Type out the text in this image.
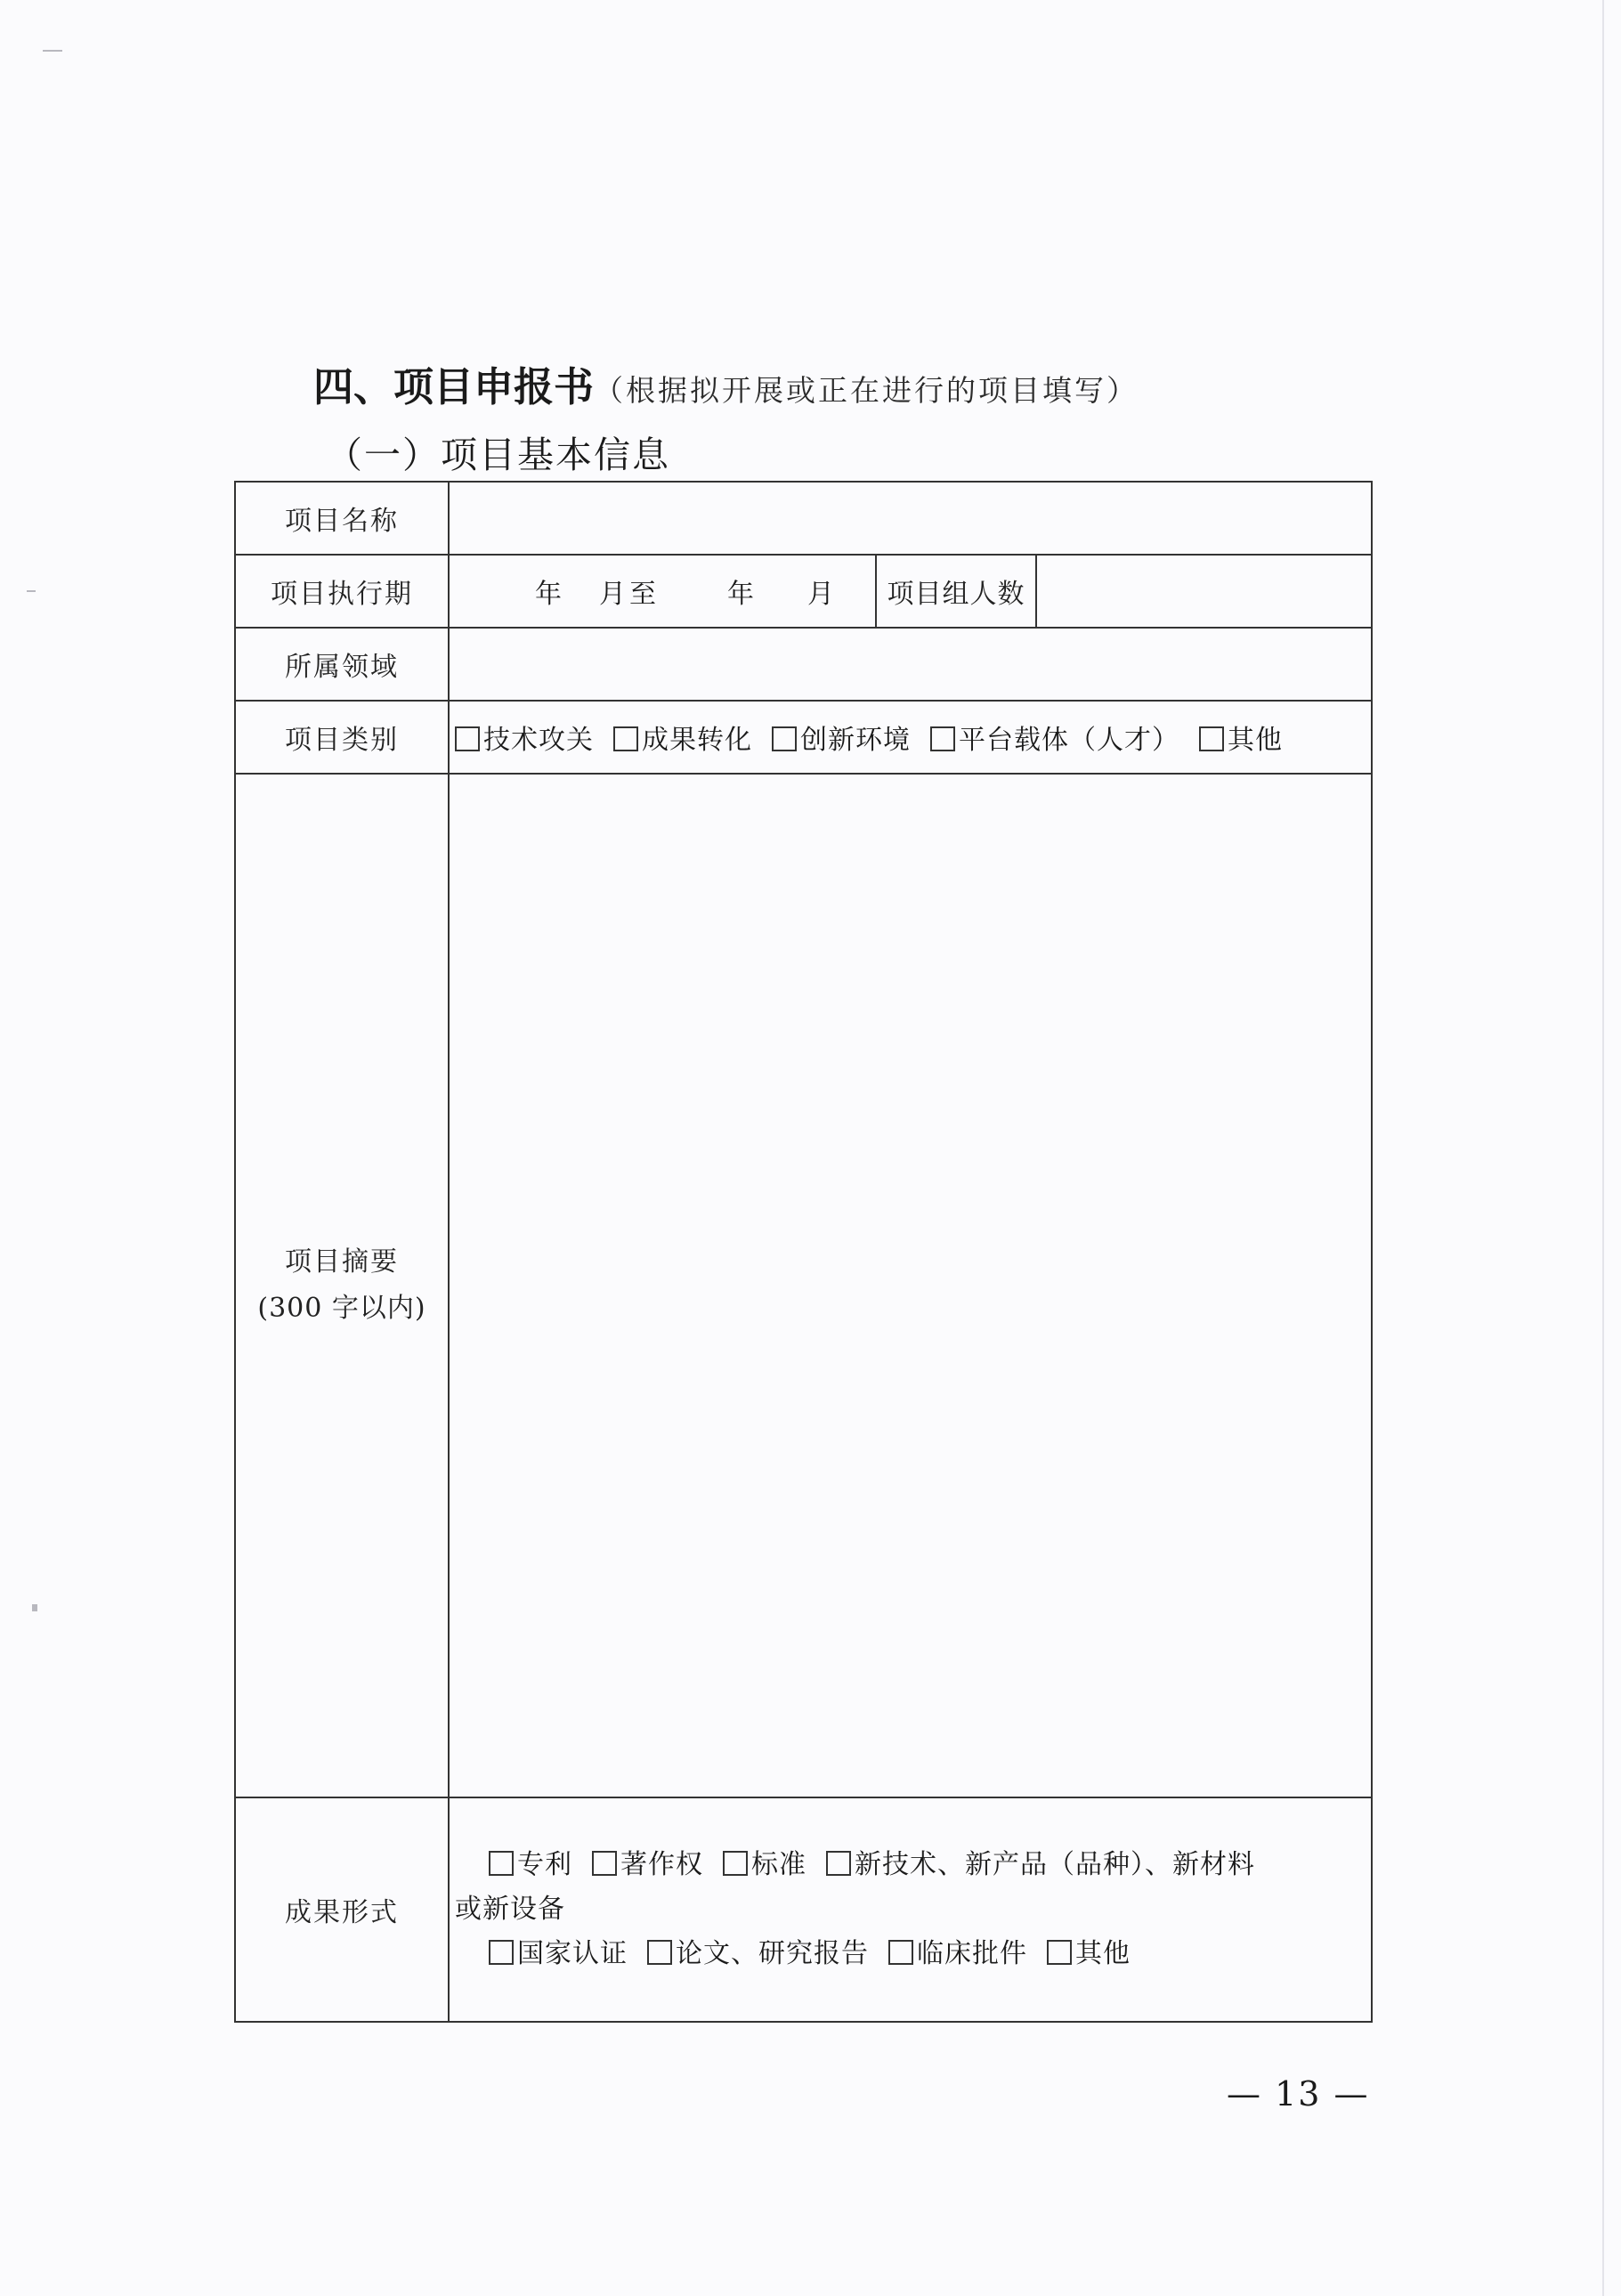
四、项目申报书（根据拟开展或正在进行的项目填写）
（一）项目基本信息
项目名称			
项目执行期	年 月至 年 月	项目组人数	
所属领域			
项目类别	技术攻关 成果转化 创新环境 平台载体（人才） 其他		

项目摘要
(300 字以内)			

成果形式	专利 著作权 标准 新技术、新产品（品种）、新材料
或新设备
国家认证 论文、研究报告 临床批件 其他		
— 13 —
